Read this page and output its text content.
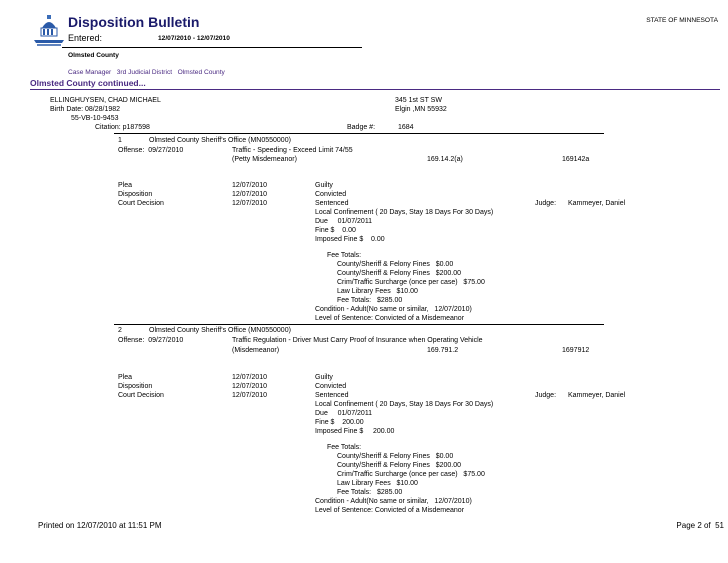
Disposition Bulletin	STATE OF MINNESOTA
Entered:	12/07/2010 - 12/07/2010
Olmsted County
Case Manager   3rd Judicial District   Olmsted County
Olmsted County continued...
ELLINGHUYSEN, CHAD MICHAEL	345 1st ST SW
Birth Date: 08/28/1982	Elgin ,MN 55932
55-VB-10-9453
Citation: p187598	Badge #:	1684
1	Olmsted County Sheriff's Office (MN0550000)
Offense:  09/27/2010	Traffic - Speeding - Exceed Limit 74/55
(Petty Misdemeanor)	169.14.2(a)	169142a
Plea	12/07/2010	Guilty
Disposition	12/07/2010	Convicted
Court Decision	12/07/2010	Sentenced	Judge: Kammeyer, Daniel
Local Confinement ( 20 Days, Stay 18 Days For 30 Days)
Due     01/07/2011
Fine $    0.00
Imposed Fine $    0.00
Fee Totals:
County/Sheriff & Felony Fines   $0.00
County/Sheriff & Felony Fines   $200.00
Crim/Traffic Surcharge (once per case)   $75.00
Law Library Fees   $10.00
Fee Totals:   $285.00
Condition - Adult(No same or similar,   12/07/2010)
Level of Sentence: Convicted of a Misdemeanor
2	Olmsted County Sheriff's Office (MN0550000)
Offense:  09/27/2010	Traffic Regulation - Driver Must Carry Proof of Insurance when Operating Vehicle
(Misdemeanor)	169.791.2	1697912
Plea	12/07/2010	Guilty
Disposition	12/07/2010	Convicted
Court Decision	12/07/2010	Sentenced	Judge: Kammeyer, Daniel
Local Confinement ( 20 Days, Stay 18 Days For 30 Days)
Due     01/07/2011
Fine $    200.00
Imposed Fine $     200.00
Fee Totals:
County/Sheriff & Felony Fines   $0.00
County/Sheriff & Felony Fines   $200.00
Crim/Traffic Surcharge (once per case)   $75.00
Law Library Fees   $10.00
Fee Totals:   $285.00
Condition - Adult(No same or similar,   12/07/2010)
Level of Sentence: Convicted of a Misdemeanor
Printed on 12/07/2010 at 11:51 PM	Page 2 of  51
